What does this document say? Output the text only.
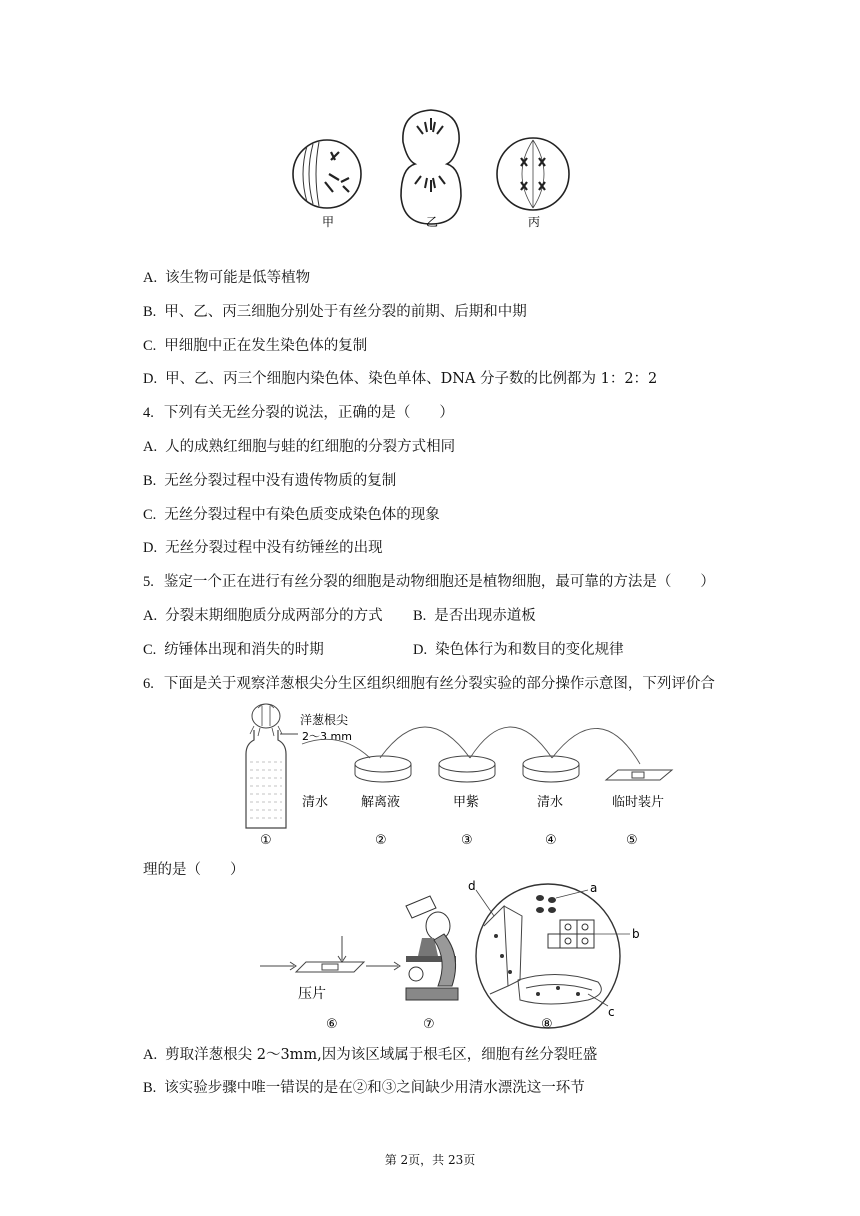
甲	乙	丙
A. 该生物可能是低等植物
B. 甲、乙、丙三细胞分别处于有丝分裂的前期、后期和中期
C. 甲细胞中正在发生染色体的复制
D. 甲、乙、丙三个细胞内染色体、染色单体、DNA 分子数的比例都为 1：2：2
4. 下列有关无丝分裂的说法，正确的是（　　）
A. 人的成熟红细胞与蛙的红细胞的分裂方式相同
B. 无丝分裂过程中没有遗传物质的复制
C. 无丝分裂过程中有染色质变成染色体的现象
D. 无丝分裂过程中没有纺锤丝的出现
5. 鉴定一个正在进行有丝分裂的细胞是动物细胞还是植物细胞，最可靠的方法是（　　）
A. 分裂末期细胞质分成两部分的方式 B. 是否出现赤道板
C. 纺锤体出现和消失的时期	D. 染色体行为和数目的变化规律
6. 下面是关于观察洋葱根尖分生区组织细胞有丝分裂实验的部分操作示意图，下列评价合
洋葱根尖
2～3 mm
清水	解离液	甲紫	清水	临时装片
①	②	③	④	⑤
理的是（　　）
压片
a
b
c
d
⑥	⑦	⑧
A. 剪取洋葱根尖 2～3mm,因为该区域属于根毛区，细胞有丝分裂旺盛
B. 该实验步骤中唯一错误的是在②和③之间缺少用清水漂洗这一环节
第 2页，共 23页
